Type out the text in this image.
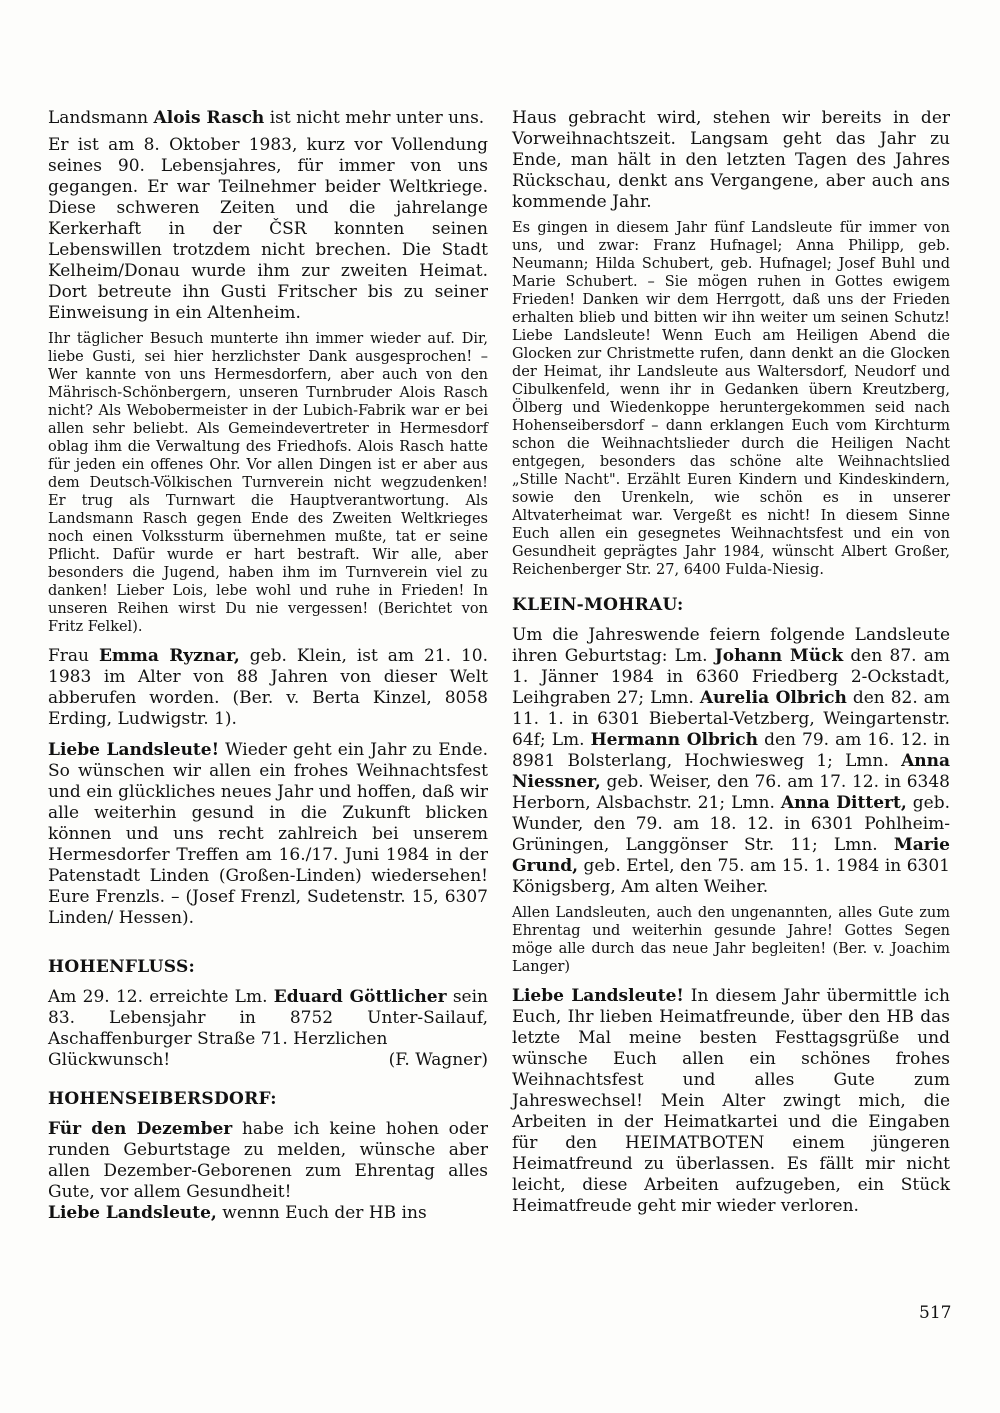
Landsmann Alois Rasch ist nicht mehr unter uns.

Er ist am 8. Oktober 1983, kurz vor Vollendung seines 90. Lebensjahres, für immer von uns gegangen. Er war Teilnehmer beider Weltkriege. Diese schweren Zeiten und die jahrelange Kerkerhaft in der ČSR konnten seinen Lebenswillen trotzdem nicht brechen. Die Stadt Kelheim/Donau wurde ihm zur zweiten Heimat. Dort betreute ihn Gusti Fritscher bis zu seiner Einweisung in ein Altenheim.

Ihr täglicher Besuch munterte ihn immer wieder auf. Dir, liebe Gusti, sei hier herzlichster Dank ausgesprochen! – Wer kannte von uns Hermesdorfern, aber auch von den Mährisch-Schönbergern, unseren Turnbruder Alois Rasch nicht? Als Webobermeister in der Lubich-Fabrik war er bei allen sehr beliebt. Als Gemeindevertreter in Hermesdorf oblag ihm die Verwaltung des Friedhofs. Alois Rasch hatte für jeden ein offenes Ohr. Vor allen Dingen ist er aber aus dem Deutsch-Völkischen Turnverein nicht wegzudenken! Er trug als Turnwart die Hauptverantwortung. Als Landsmann Rasch gegen Ende des Zweiten Weltkrieges noch einen Volkssturm übernehmen mußte, tat er seine Pflicht. Dafür wurde er hart bestraft. Wir alle, aber besonders die Jugend, haben ihm im Turnverein viel zu danken! Lieber Lois, lebe wohl und ruhe in Frieden! In unseren Reihen wirst Du nie vergessen! (Berichtet von Fritz Felkel).

Frau Emma Ryznar, geb. Klein, ist am 21. 10. 1983 im Alter von 88 Jahren von dieser Welt abberufen worden. (Ber. v. Berta Kinzel, 8058 Erding, Ludwigstr. 1).

Liebe Landsleute! Wieder geht ein Jahr zu Ende. So wünschen wir allen ein frohes Weihnachtsfest und ein glückliches neues Jahr und hoffen, daß wir alle weiterhin gesund in die Zukunft blicken können und uns recht zahlreich bei unserem Hermesdorfer Treffen am 16./17. Juni 1984 in der Patenstadt Linden (Großen-Linden) wiedersehen! Eure Frenzls. – (Josef Frenzl, Sudetenstr. 15, 6307 Linden/ Hessen).

HOHENFLUSS:

Am 29. 12. erreichte Lm. Eduard Göttlicher sein 83. Lebensjahr in 8752 Unter-Sailauf, Aschaffenburger Straße 71. Herzlichen

Glückwunsch!	(F. Wagner)

HOHENSEIBERSDORF:

Für den Dezember habe ich keine hohen oder runden Geburtstage zu melden, wünsche aber allen Dezember-Geborenen zum Ehrentag alles Gute, vor allem Gesundheit!

Liebe Landsleute, wennn Euch der HB ins

Haus gebracht wird, stehen wir bereits in der Vorweihnachtszeit. Langsam geht das Jahr zu Ende, man hält in den letzten Tagen des Jahres Rückschau, denkt ans Vergangene, aber auch ans kommende Jahr.

Es gingen in diesem Jahr fünf Landsleute für immer von uns, und zwar: Franz Hufnagel; Anna Philipp, geb. Neumann; Hilda Schubert, geb. Hufnagel; Josef Buhl und Marie Schubert. – Sie mögen ruhen in Gottes ewigem Frieden! Danken wir dem Herrgott, daß uns der Frieden erhalten blieb und bitten wir ihn weiter um seinen Schutz! Liebe Landsleute! Wenn Euch am Heiligen Abend die Glocken zur Christmette rufen, dann denkt an die Glocken der Heimat, ihr Landsleute aus Waltersdorf, Neudorf und Cibulkenfeld, wenn ihr in Gedanken übern Kreutzberg, Ölberg und Wiedenkoppe heruntergekommen seid nach Hohenseibersdorf – dann erklangen Euch vom Kirchturm schon die Weihnachtslieder durch die Heiligen Nacht entgegen, besonders das schöne alte Weihnachtslied „Stille Nacht". Erzählt Euren Kindern und Kindeskindern, sowie den Urenkeln, wie schön es in unserer Altvaterheimat war. Vergeßt es nicht! In diesem Sinne Euch allen ein gesegnetes Weihnachtsfest und ein von Gesundheit geprägtes Jahr 1984, wünscht Albert Großer, Reichenberger Str. 27, 6400 Fulda-Niesig.

KLEIN-MOHRAU:

Um die Jahreswende feiern folgende Landsleute ihren Geburtstag: Lm. Johann Mück den 87. am 1. Jänner 1984 in 6360 Friedberg 2-Ockstadt, Leihgraben 27; Lmn. Aurelia Olbrich den 82. am 11. 1. in 6301 Biebertal-Vetzberg, Weingartenstr. 64f; Lm. Hermann Olbrich den 79. am 16. 12. in 8981 Bolsterlang, Hochwiesweg 1; Lmn. Anna Niessner, geb. Weiser, den 76. am 17. 12. in 6348 Herborn, Alsbachstr. 21; Lmn. Anna Dittert, geb. Wunder, den 79. am 18. 12. in 6301 Pohlheim-Grüningen, Langgönser Str. 11; Lmn. Marie Grund, geb. Ertel, den 75. am 15. 1. 1984 in 6301 Königsberg, Am alten Weiher.

Allen Landsleuten, auch den ungenannten, alles Gute zum Ehrentag und weiterhin gesunde Jahre! Gottes Segen möge alle durch das neue Jahr begleiten! (Ber. v. Joachim Langer)

Liebe Landsleute! In diesem Jahr übermittle ich Euch, Ihr lieben Heimatfreunde, über den HB das letzte Mal meine besten Festtagsgrüße und wünsche Euch allen ein schönes frohes Weihnachtsfest und alles Gute zum Jahreswechsel! Mein Alter zwingt mich, die Arbeiten in der Heimatkartei und die Eingaben für den HEIMATBOTEN einem jüngeren Heimatfreund zu überlassen. Es fällt mir nicht leicht, diese Arbeiten aufzugeben, ein Stück Heimatfreude geht mir wieder verloren.

517
